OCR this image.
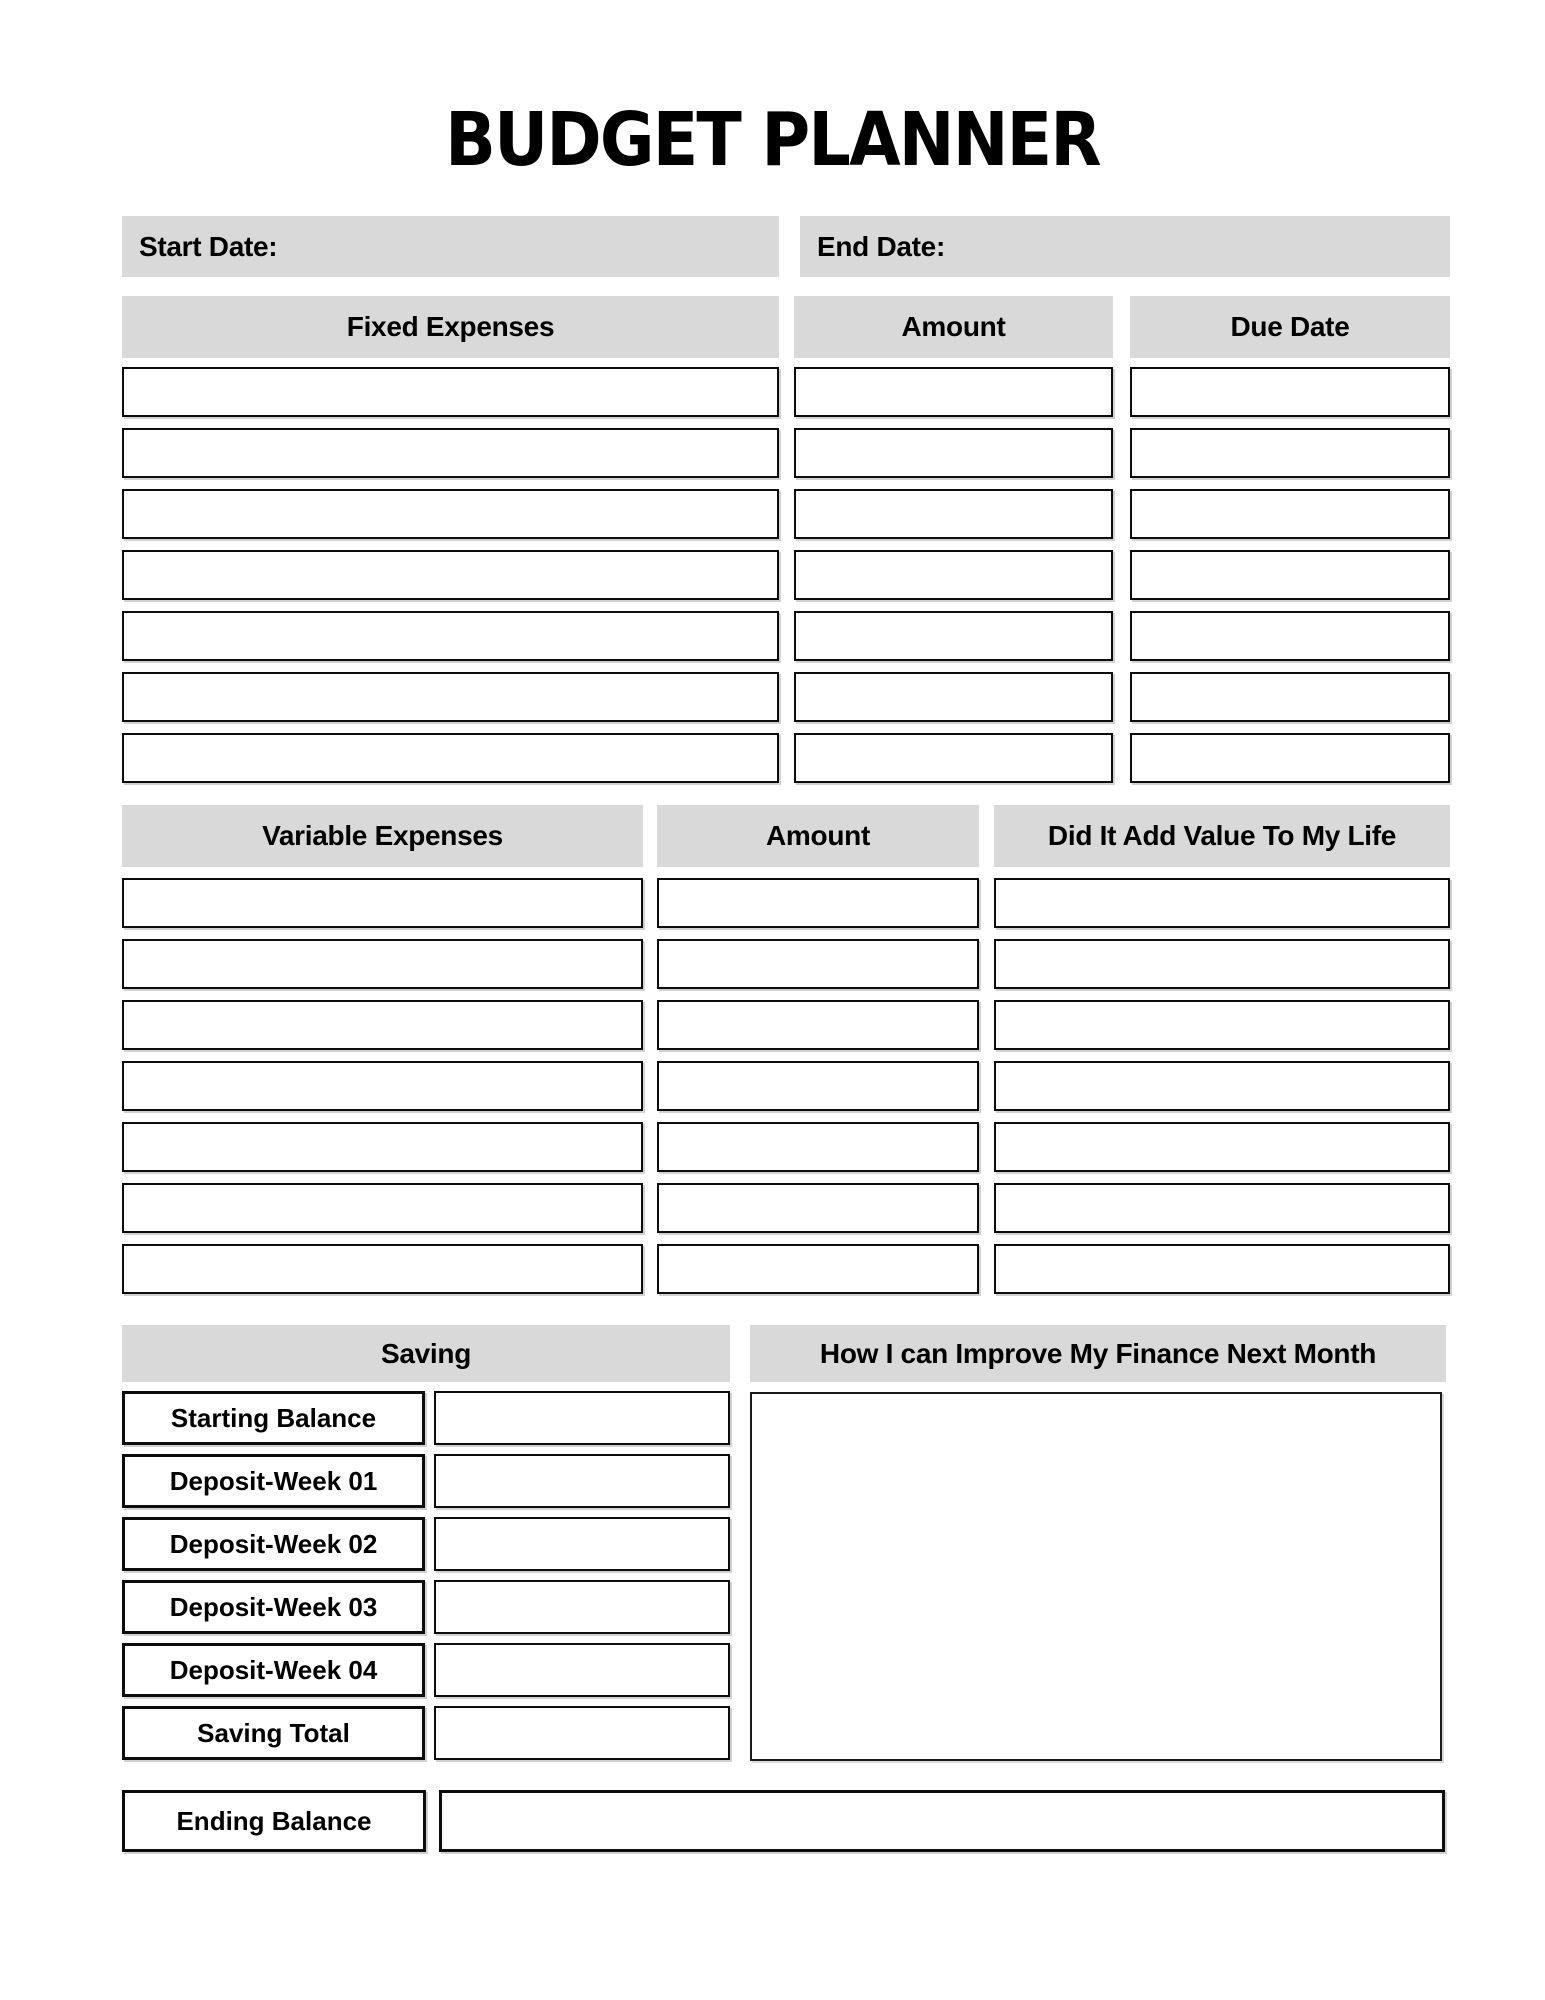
BUDGET PLANNER
Start Date:	End Date:
Fixed Expenses	Amount	Due Date
Variable Expenses	Amount	Did It Add Value To My Life
Saving
Starting Balance
Deposit-Week 01
Deposit-Week 02
Deposit-Week 03
Deposit-Week 04
Saving Total
How I can Improve My Finance Next Month
Ending Balance
